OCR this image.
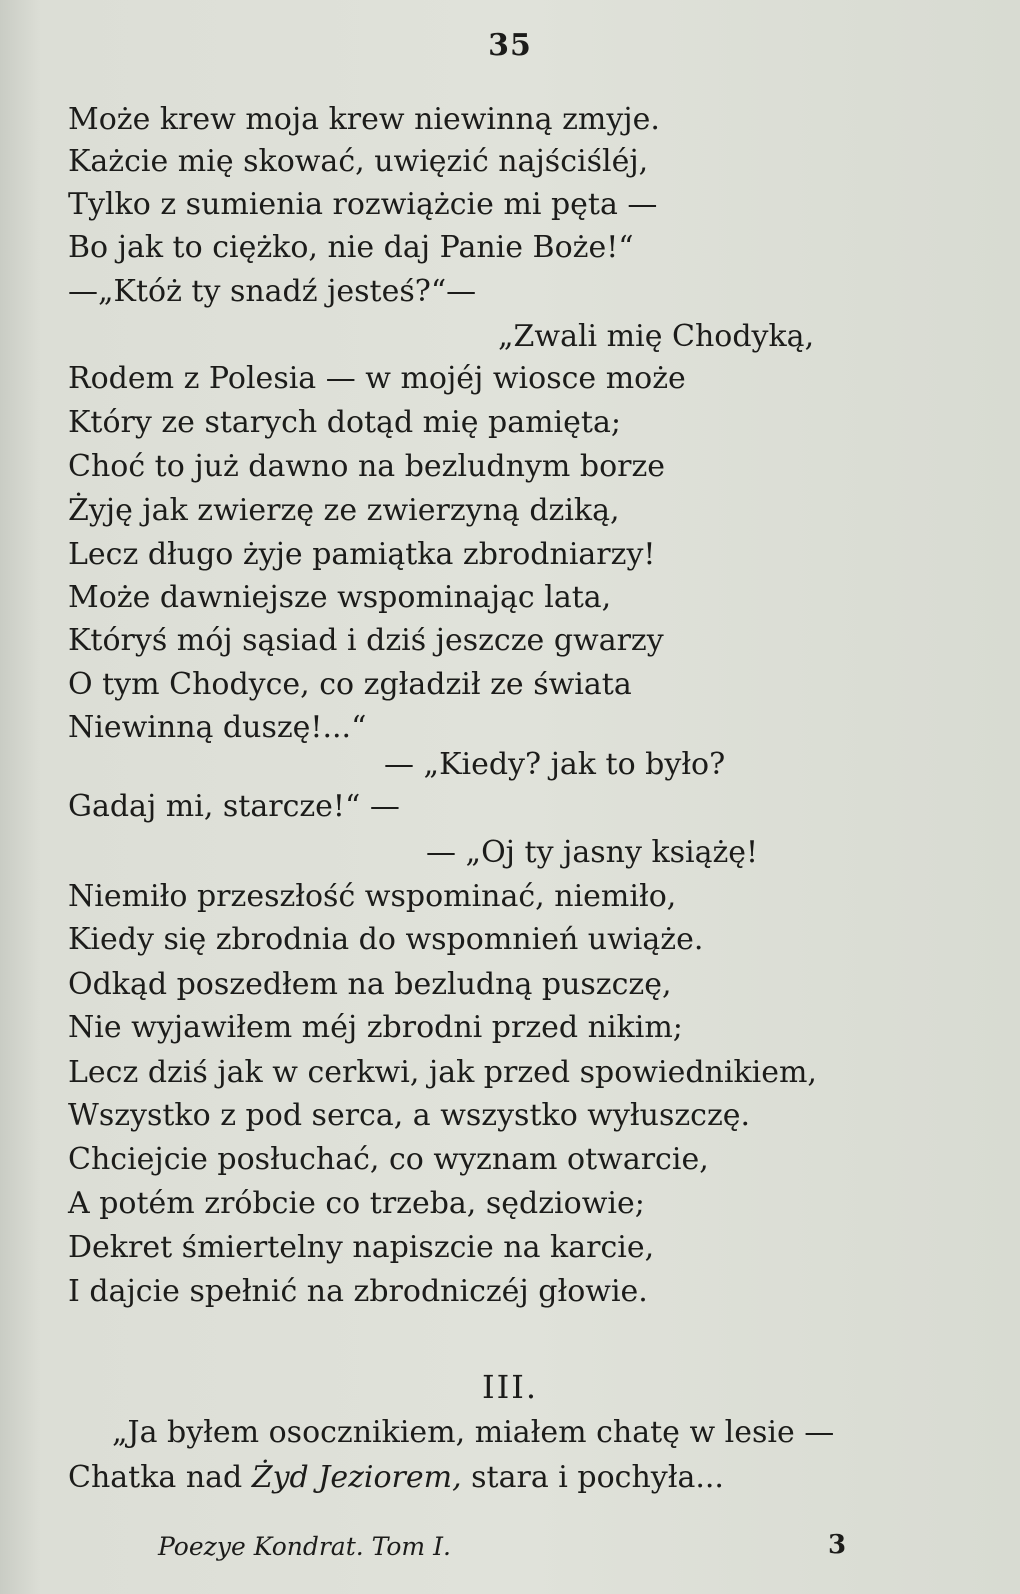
35
Może krew moja krew niewinną zmyje.
Każcie mię skować, uwięzić najściśléj,
Tylko z sumienia rozwiążcie mi pęta —
Bo jak to ciężko, nie daj Panie Boże!“
—„Któż ty snadź jesteś?“—
„Zwali mię Chodyką,
Rodem z Polesia — w mojéj wiosce może
Który ze starych dotąd mię pamięta;
Choć to już dawno na bezludnym borze
Żyję jak zwierzę ze zwierzyną dziką,
Lecz długo żyje pamiątka zbrodniarzy!
Może dawniejsze wspominając lata,
Któryś mój sąsiad i dziś jeszcze gwarzy
O tym Chodyce, co zgładził ze świata
Niewinną duszę!...“
— „Kiedy? jak to było?
Gadaj mi, starcze!“ —
— „Oj ty jasny książę!
Niemiło przeszłość wspominać, niemiło,
Kiedy się zbrodnia do wspomnień uwiąże.
Odkąd poszedłem na bezludną puszczę,
Nie wyjawiłem méj zbrodni przed nikim;
Lecz dziś jak w cerkwi, jak przed spowiednikiem,
Wszystko z pod serca, a wszystko wyłuszczę.
Chciejcie posłuchać, co wyznam otwarcie,
A potém zróbcie co trzeba, sędziowie;
Dekret śmiertelny napiszcie na karcie,
I dajcie spełnić na zbrodniczéj głowie.
III.
„Ja byłem osocznikiem, miałem chatę w lesie —
Chatka nad Żyd Jeziorem, stara i pochyła...
Poezye Kondrat. Tom I.	3
